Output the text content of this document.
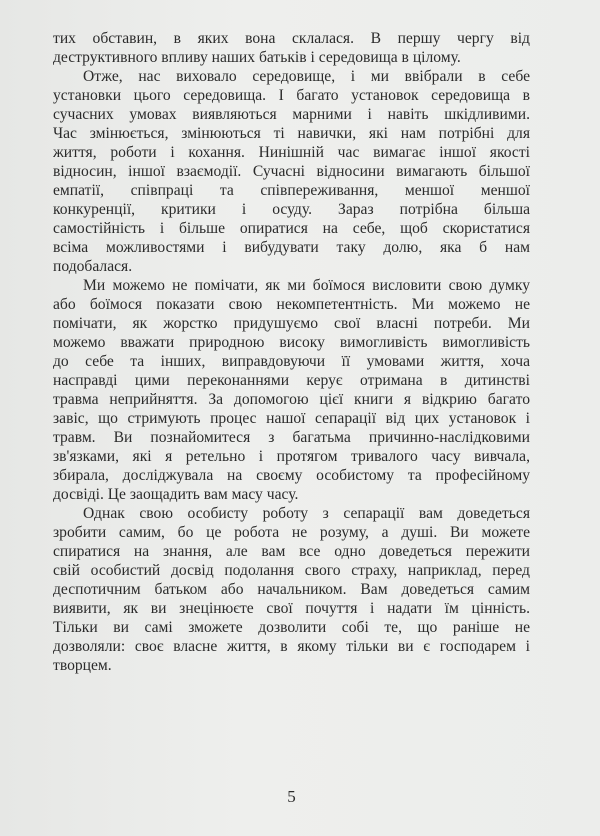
тих обставин, в яких вона склалася. В першу чергу від
деструктивного впливу наших батьків і середовища в цілому.
Отже, нас виховало середовище, і ми ввібрали в себе
установки цього середовища. І багато установок середовища в
сучасних умовах виявляються марними і навіть шкідливими.
Час змінюється, змінюються ті навички, які нам потрібні для
життя, роботи і кохання. Нинішній час вимагає іншої якості
відносин, іншої взаємодії. Сучасні відносини вимагають більшої
емпатії, співпраці та співпереживання, меншої меншої
конкуренції, критики і осуду. Зараз потрібна більша
самостійність і більше опиратися на себе, щоб скористатися
всіма можливостями і вибудувати таку долю, яка б нам
подобалася.
Ми можемо не помічати, як ми боїмося висловити свою думку
або боїмося показати свою некомпетентність. Ми можемо не
помічати, як жорстко придушуємо свої власні потреби. Ми
можемо вважати природною високу вимогливість вимогливість
до себе та інших, виправдовуючи її умовами життя, хоча
насправді цими переконаннями керує отримана в дитинстві
травма неприйняття. За допомогою цієї книги я відкрию багато
завіс, що стримують процес нашої сепарації від цих установок і
травм. Ви познайомитеся з багатьма причинно-наслідковими
зв'язками, які я ретельно і протягом тривалого часу вивчала,
збирала, досліджувала на своєму особистому та професійному
досвіді. Це заощадить вам масу часу.
Однак свою особисту роботу з сепарації вам доведеться
зробити самим, бо це робота не розуму, а душі. Ви можете
спиратися на знання, але вам все одно доведеться пережити
свій особистий досвід подолання свого страху, наприклад, перед
деспотичним батьком або начальником. Вам доведеться самим
виявити, як ви знецінюєте свої почуття і надати їм цінність.
Тільки ви самі зможете дозволити собі те, що раніше не
дозволяли: своє власне життя, в якому тільки ви є господарем і
творцем.
5
